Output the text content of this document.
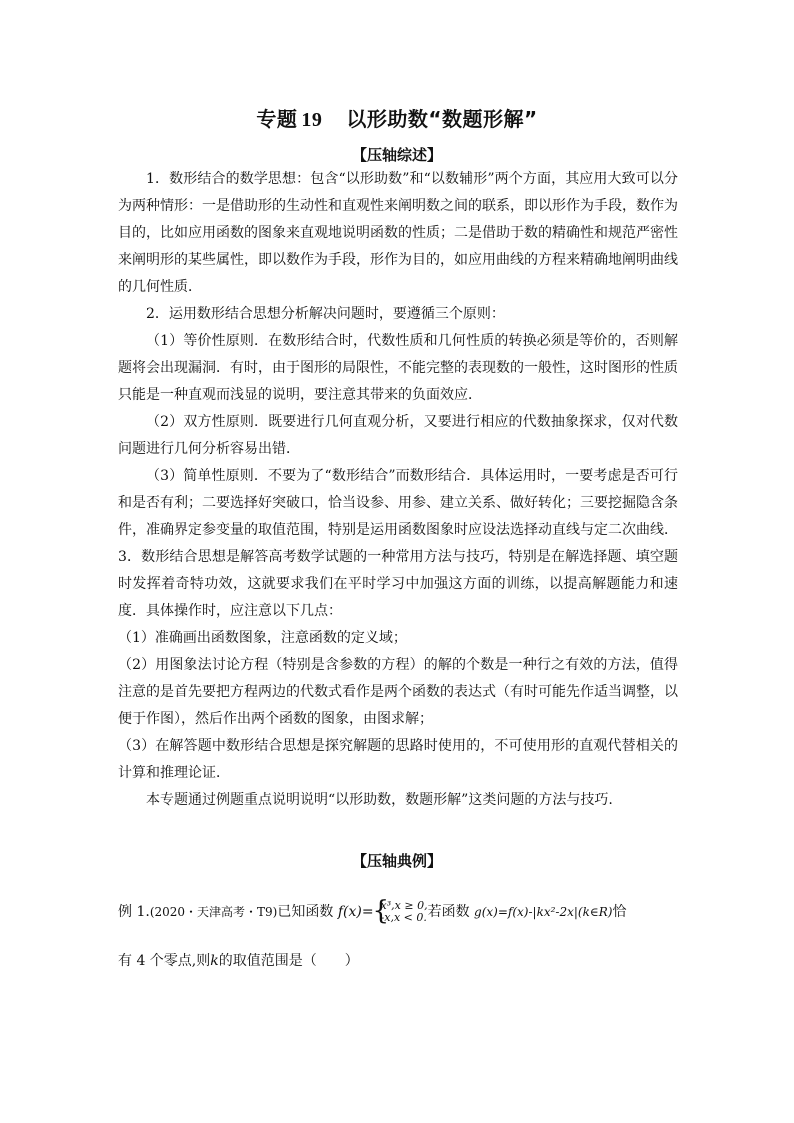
专题 19 以形助数“数题形解”
【压轴综述】

1．数形结合的数学思想：包含“以形助数”和“以数辅形”两个方面，其应用大致可以分为两种情形：一是借助形的生动性和直观性来阐明数之间的联系，即以形作为手段，数作为目的，比如应用函数的图象来直观地说明函数的性质；二是借助于数的精确性和规范严密性来阐明形的某些属性，即以数作为手段，形作为目的，如应用曲线的方程来精确地阐明曲线的几何性质．

2．运用数形结合思想分析解决问题时，要遵循三个原则：

（1）等价性原则．在数形结合时，代数性质和几何性质的转换必须是等价的，否则解题将会出现漏洞．有时，由于图形的局限性，不能完整的表现数的一般性，这时图形的性质只能是一种直观而浅显的说明，要注意其带来的负面效应．

（2）双方性原则．既要进行几何直观分析，又要进行相应的代数抽象探求，仅对代数问题进行几何分析容易出错．

（3）简单性原则．不要为了“数形结合”而数形结合．具体运用时，一要考虑是否可行和是否有利；二要选择好突破口，恰当设参、用参、建立关系、做好转化；三要挖掘隐含条件，准确界定参变量的取值范围，特别是运用函数图象时应设法选择动直线与定二次曲线．

3．数形结合思想是解答高考数学试题的一种常用方法与技巧，特别是在解选择题、填空题时发挥着奇特功效，这就要求我们在平时学习中加强这方面的训练，以提高解题能力和速度．具体操作时，应注意以下几点：

（1）准确画出函数图象，注意函数的定义域；

（2）用图象法讨论方程（特别是含参数的方程）的解的个数是一种行之有效的方法，值得注意的是首先要把方程两边的代数式看作是两个函数的表达式（有时可能先作适当调整，以便于作图），然后作出两个函数的图象，由图求解；

（3）在解答题中数形结合思想是探究解题的思路时使用的，不可使用形的直观代替相关的计算和推理论证．

本专题通过例题重点说明说明“以形助数，数题形解”这类问题的方法与技巧.

【压轴典例】
例 1.(2020・天津高考・T9)已知函数 f(x)=
{ x³,x ≥ 0,
-x,x < 0. 若函数 g(x)=f(x)-|kx²-2x|(k∈R)恰
有 4 个零点,则k的取值范围是（　　）
